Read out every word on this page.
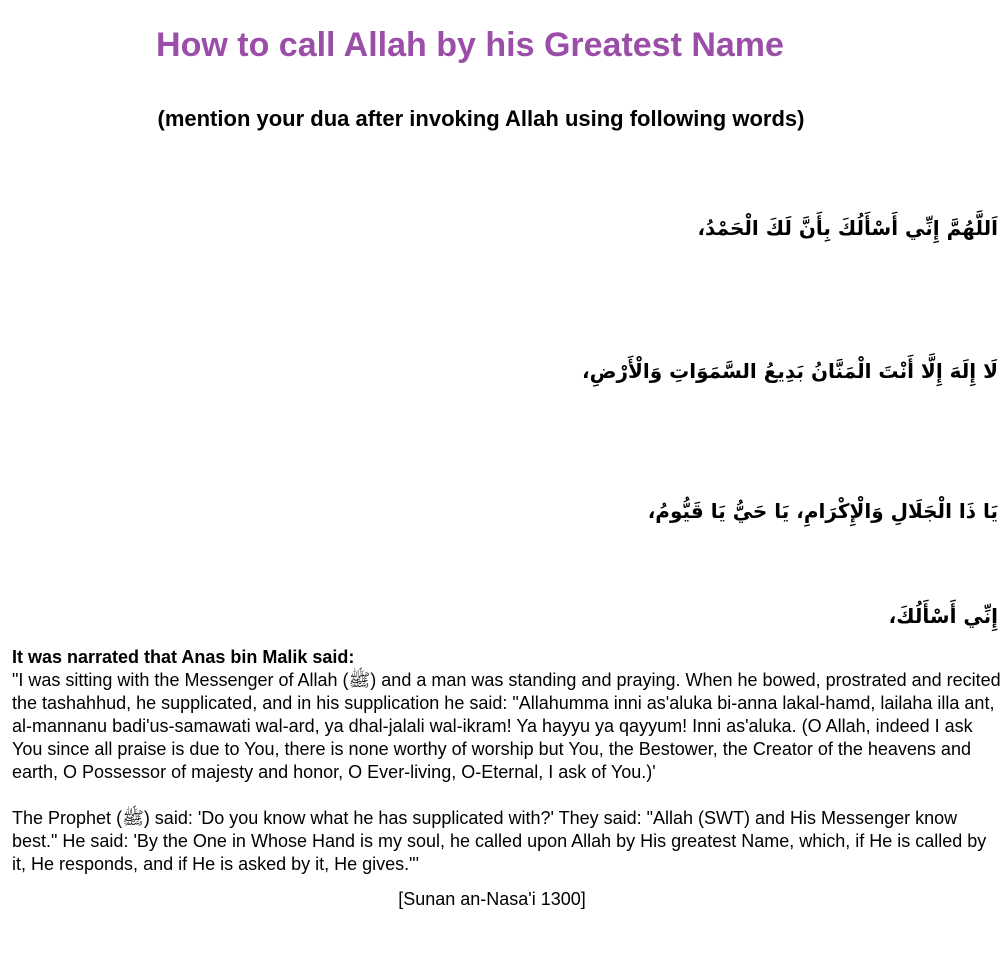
How to call Allah by his Greatest Name
(mention your dua after invoking Allah using following words)
اَللَّهُمَّ إِنِّي أَسْأَلُكَ بِأَنَّ لَكَ الْحَمْدُ،
لَا إِلَهَ إِلَّا أَنْتَ الْمَنَّانُ بَدِيعُ السَّمَوَاتِ وَالْأَرْضِ،
يَا ذَا الْجَلَالِ وَالْإِكْرَامِ، يَا حَيُّ يَا قَيُّومُ،
إِنِّي أَسْأَلُكَ،
It was narrated that Anas bin Malik said:

"I was sitting with the Messenger of Allah (ﷺ) and a man was standing and praying. When he bowed, prostrated and recited the tashahhud, he supplicated, and in his supplication he said: "Allahumma inni as'aluka bi-anna lakal-hamd, lailaha illa ant, al-mannanu badi'us-samawati wal-ard, ya dhal-jalali wal-ikram! Ya hayyu ya qayyum! Inni as'aluka. (O Allah, indeed I ask You since all praise is due to You, there is none worthy of worship but You, the Bestower, the Creator of the heavens and earth, O Possessor of majesty and honor, O Ever-living, O-Eternal, I ask of You.)'

The Prophet (ﷺ) said: 'Do you know what he has supplicated with?' They said: "Allah (SWT) and His Messenger know best." He said: 'By the One in Whose Hand is my soul, he called upon Allah by His greatest Name, which, if He is called by it, He responds, and if He is asked by it, He gives."'

[Sunan an-Nasa'i 1300]
